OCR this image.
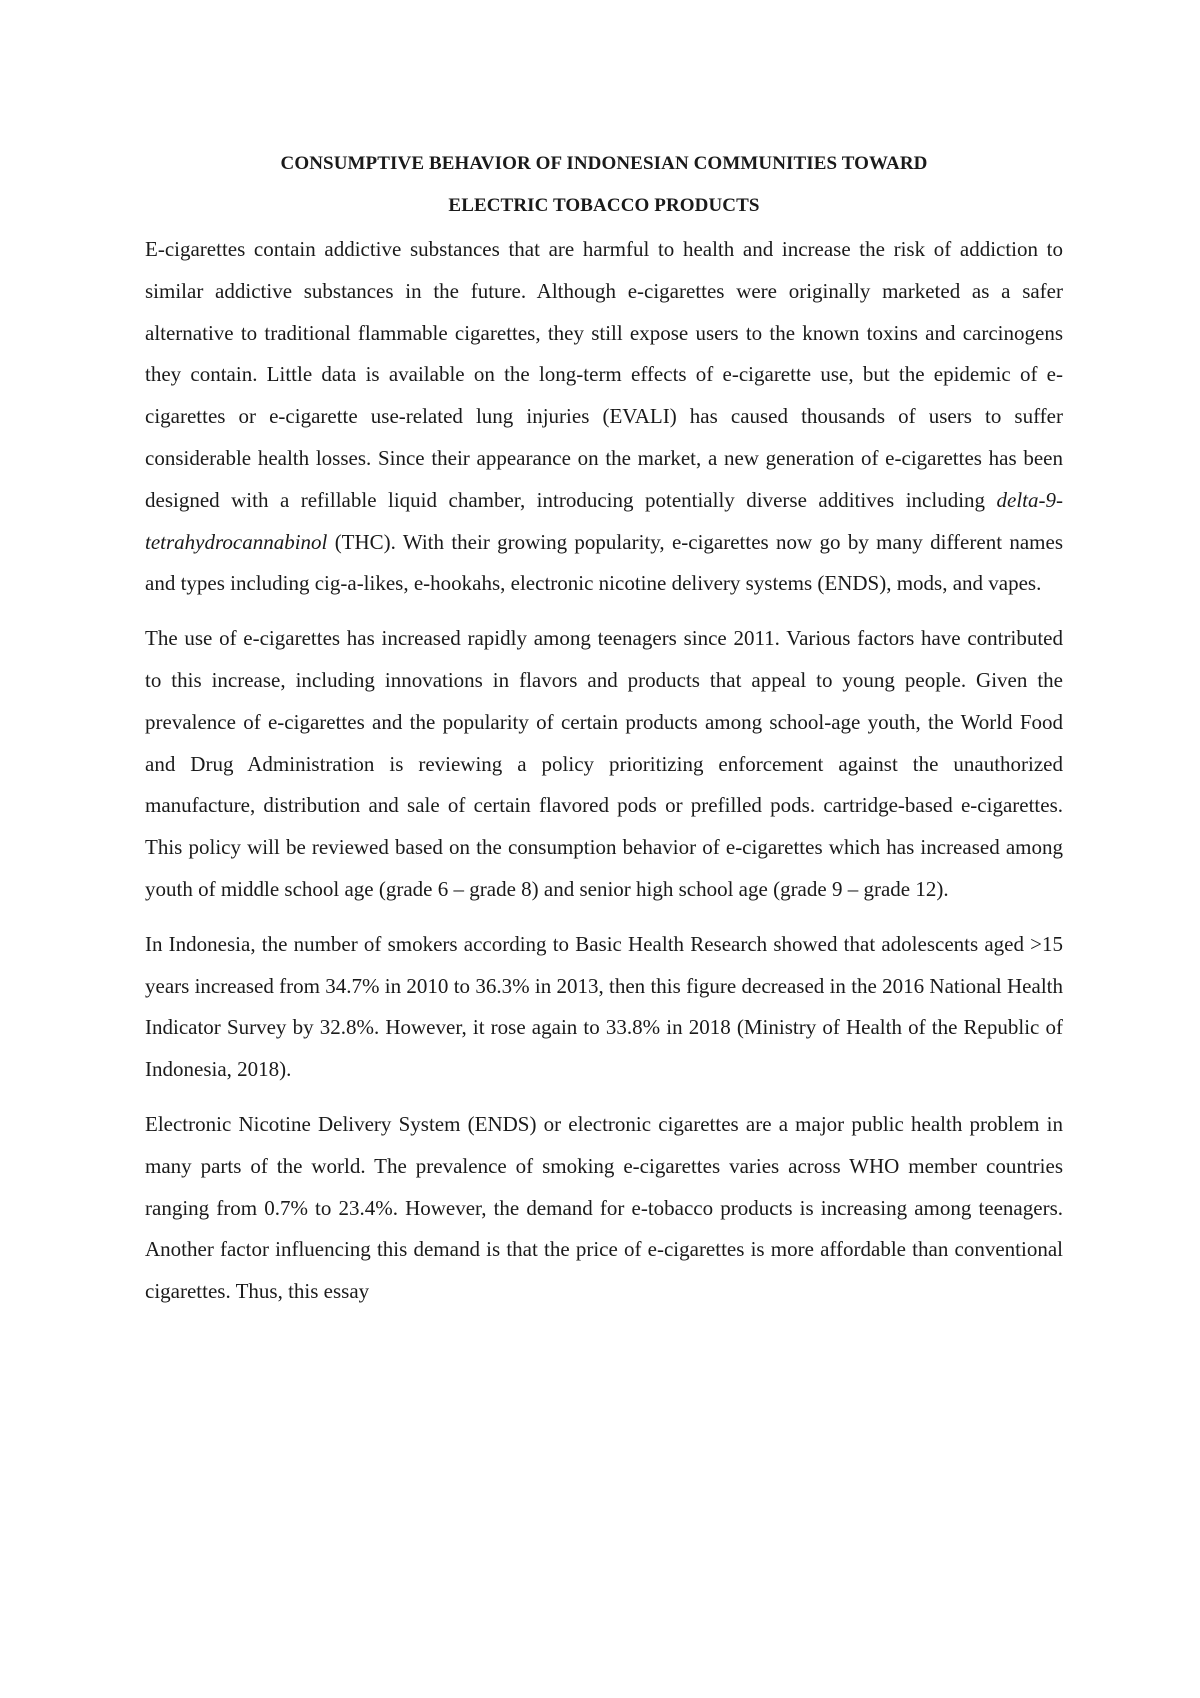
CONSUMPTIVE BEHAVIOR OF INDONESIAN COMMUNITIES TOWARD
ELECTRIC TOBACCO PRODUCTS

E-cigarettes contain addictive substances that are harmful to health and increase the risk of addiction to similar addictive substances in the future. Although e-cigarettes were originally marketed as a safer alternative to traditional flammable cigarettes, they still expose users to the known toxins and carcinogens they contain. Little data is available on the long-term effects of e-cigarette use, but the epidemic of e-cigarettes or e-cigarette use-related lung injuries (EVALI) has caused thousands of users to suffer considerable health losses. Since their appearance on the market, a new generation of e-cigarettes has been designed with a refillable liquid chamber, introducing potentially diverse additives including delta-9-tetrahydrocannabinol (THC). With their growing popularity, e-cigarettes now go by many different names and types including cig-a-likes, e-hookahs, electronic nicotine delivery systems (ENDS), mods, and vapes.

The use of e-cigarettes has increased rapidly among teenagers since 2011. Various factors have contributed to this increase, including innovations in flavors and products that appeal to young people. Given the prevalence of e-cigarettes and the popularity of certain products among school-age youth, the World Food and Drug Administration is reviewing a policy prioritizing enforcement against the unauthorized manufacture, distribution and sale of certain flavored pods or prefilled pods. cartridge-based e-cigarettes. This policy will be reviewed based on the consumption behavior of e-cigarettes which has increased among youth of middle school age (grade 6 – grade 8) and senior high school age (grade 9 – grade 12).

In Indonesia, the number of smokers according to Basic Health Research showed that adolescents aged >15 years increased from 34.7% in 2010 to 36.3% in 2013, then this figure decreased in the 2016 National Health Indicator Survey by 32.8%. However, it rose again to 33.8% in 2018 (Ministry of Health of the Republic of Indonesia, 2018).

Electronic Nicotine Delivery System (ENDS) or electronic cigarettes are a major public health problem in many parts of the world. The prevalence of smoking e-cigarettes varies across WHO member countries ranging from 0.7% to 23.4%. However, the demand for e-tobacco products is increasing among teenagers. Another factor influencing this demand is that the price of e-cigarettes is more affordable than conventional cigarettes. Thus, this essay
